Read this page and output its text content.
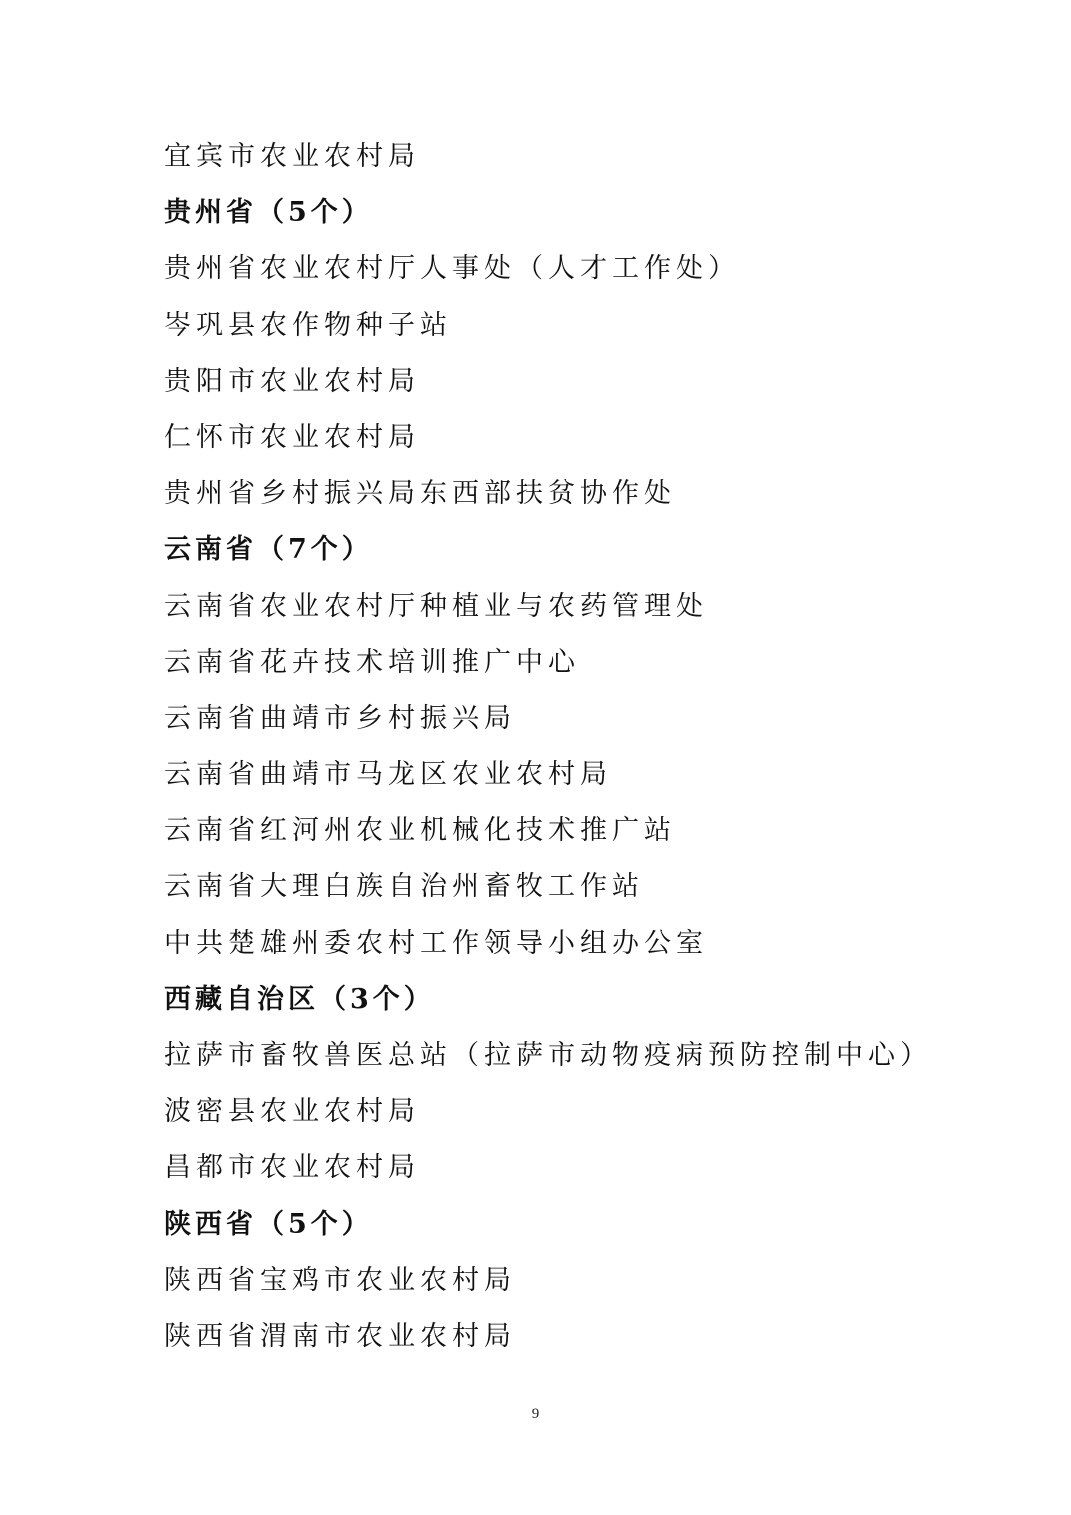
宜宾市农业农村局
贵州省（5个）
贵州省农业农村厅人事处（人才工作处）
岑巩县农作物种子站
贵阳市农业农村局
仁怀市农业农村局
贵州省乡村振兴局东西部扶贫协作处
云南省（7个）
云南省农业农村厅种植业与农药管理处
云南省花卉技术培训推广中心
云南省曲靖市乡村振兴局
云南省曲靖市马龙区农业农村局
云南省红河州农业机械化技术推广站
云南省大理白族自治州畜牧工作站
中共楚雄州委农村工作领导小组办公室
西藏自治区（3个）
拉萨市畜牧兽医总站（拉萨市动物疫病预防控制中心）
波密县农业农村局
昌都市农业农村局
陕西省（5个）
陕西省宝鸡市农业农村局
陕西省渭南市农业农村局
9
